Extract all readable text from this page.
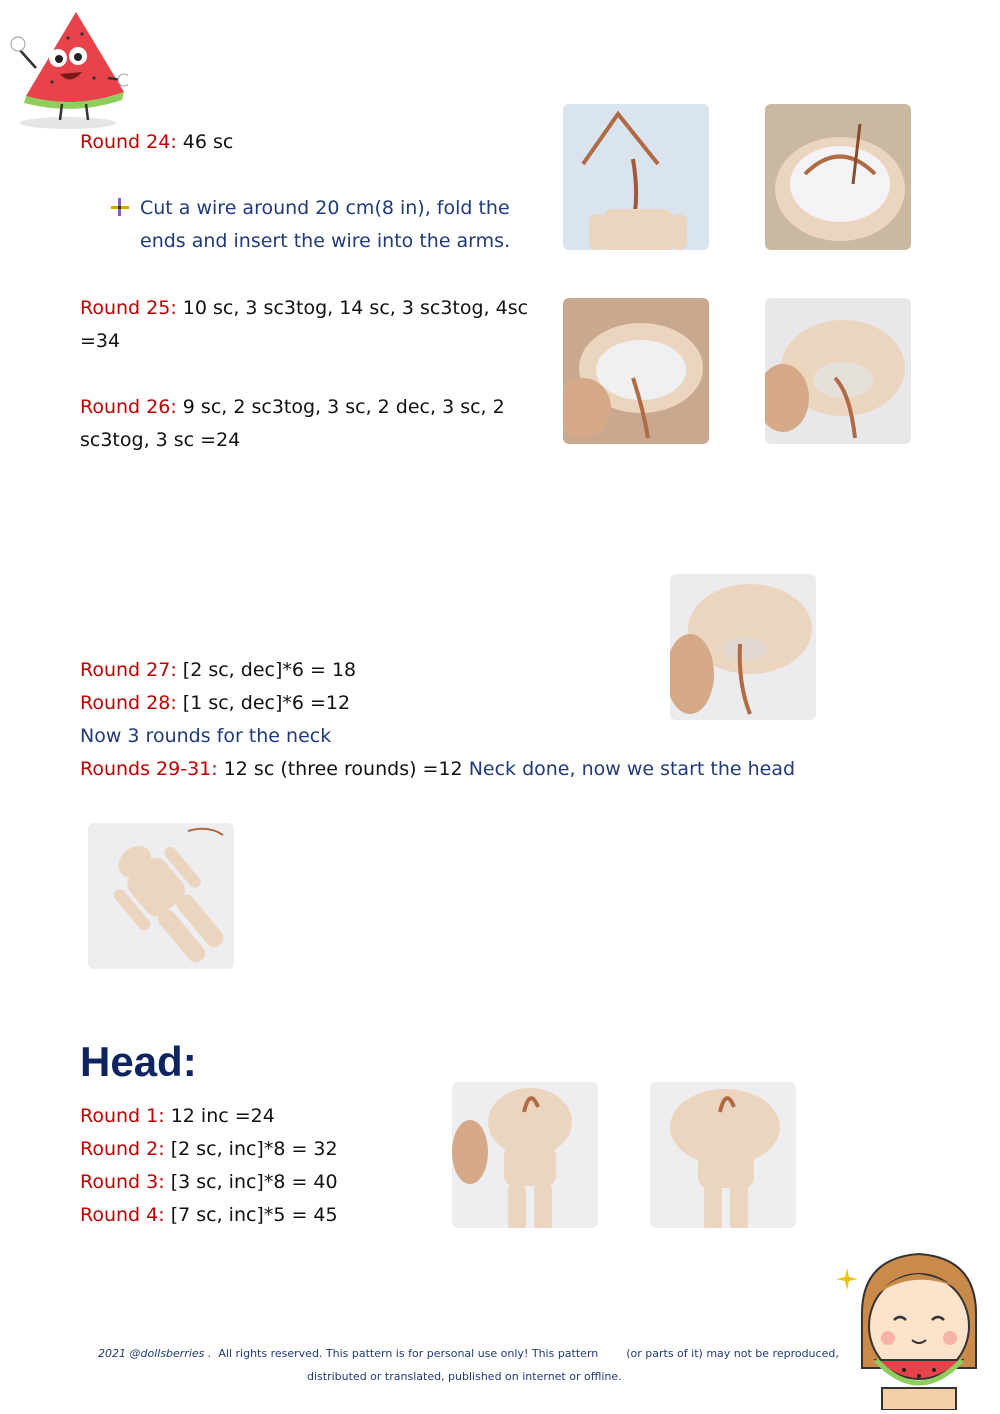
Round 24: 46 sc
Cut a wire around 20 cm(8 in), fold the
ends and insert the wire into the arms.
Round 25: 10 sc, 3 sc3tog, 14 sc, 3 sc3tog, 4sc
=34
Round 26: 9 sc, 2 sc3tog, 3 sc, 2 dec, 3 sc, 2
sc3tog, 3 sc =24
Round 27: [2 sc, dec]*6 = 18
Round 28: [1 sc, dec]*6 =12
Now 3 rounds for the neck
Rounds 29-31: 12 sc (three rounds) =12 Neck done, now we start the head
Head:
Round 1: 12 inc =24
Round 2: [2 sc, inc]*8 = 32
Round 3: [3 sc, inc]*8 = 40
Round 4: [7 sc, inc]*5 = 45
2021 @dollsberries . All rights reserved. This pattern is for personal use only! This pattern	(or parts of it) may not be reproduced,
distributed or translated, published on internet or offline.
